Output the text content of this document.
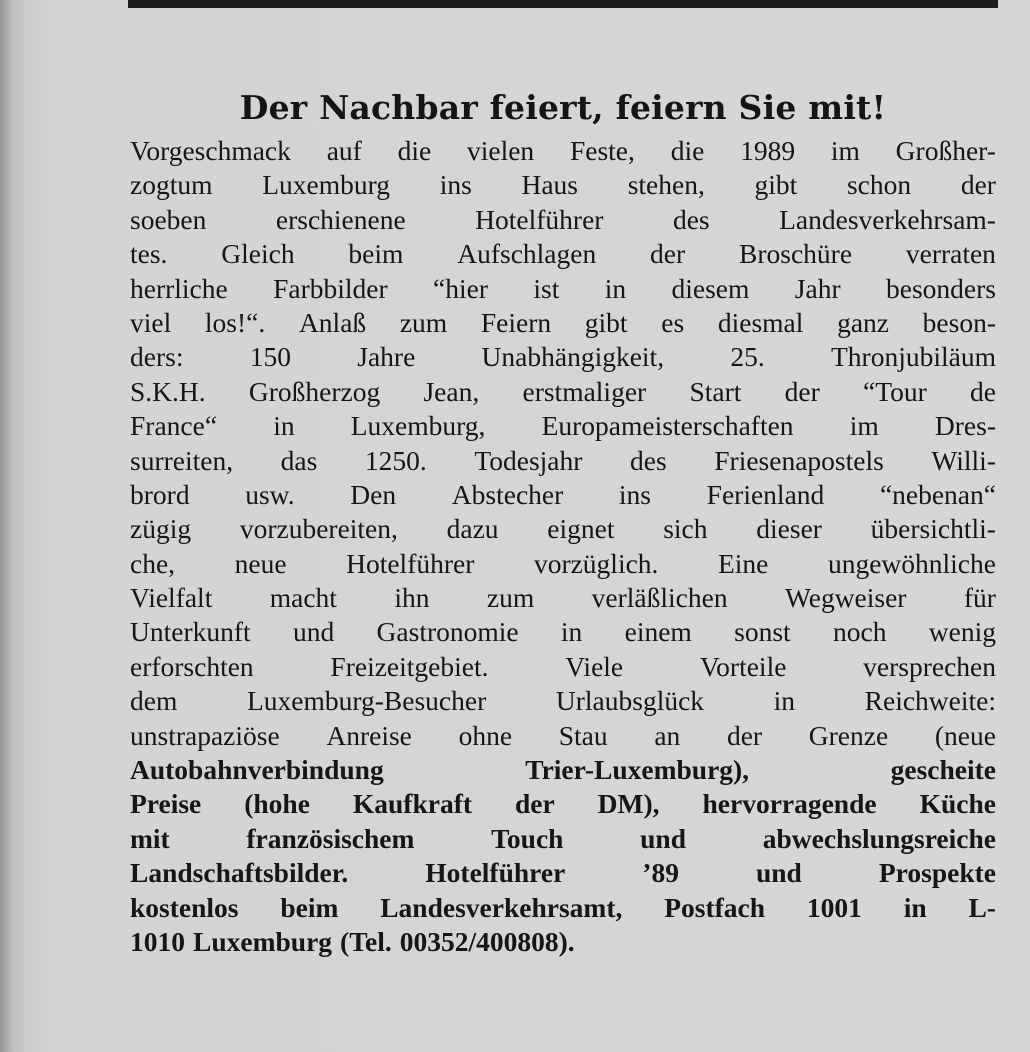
Der Nachbar feiert, feiern Sie mit!
Vorgeschmack auf die vielen Feste, die 1989 im Großher-
zogtum Luxemburg ins Haus stehen, gibt schon der
soeben	erschienene	Hotelführer	des	Landesverkehrsam-
tes. Gleich beim Aufschlagen der Broschüre verraten
herrliche Farbbilder “hier ist in diesem Jahr besonders
viel los!“. Anlaß zum Feiern gibt es diesmal ganz beson-
ders: 150 Jahre Unabhängigkeit, 25. Thronjubiläum
S.K.H. Großherzog Jean, erstmaliger Start der “Tour de
France“ in Luxemburg, Europameisterschaften im Dres-
surreiten, das 1250. Todesjahr des Friesenapostels Willi-
brord usw. Den Abstecher ins Ferienland “nebenan“
zügig vorzubereiten, dazu eignet sich dieser übersichtli-
che, neue Hotelführer vorzüglich. Eine ungewöhnliche
Vielfalt macht ihn zum verläßlichen Wegweiser für
Unterkunft und Gastronomie in einem sonst noch wenig
erforschten	Freizeitgebiet.	Viele	Vorteile	versprechen
dem	Luxemburg-Besucher	Urlaubsglück	in	Reichweite:
unstrapaziöse Anreise ohne Stau an der Grenze (neue
Autobahnverbindung	Trier-Luxemburg),	gescheite
Preise (hohe Kaufkraft der DM), hervorragende Küche
mit	französischem	Touch	und	abwechslungsreiche
Landschaftsbilder.	Hotelführer	’89	und	Prospekte
kostenlos beim Landesverkehrsamt, Postfach 1001 in L-
1010 Luxemburg (Tel. 00352/400808).
